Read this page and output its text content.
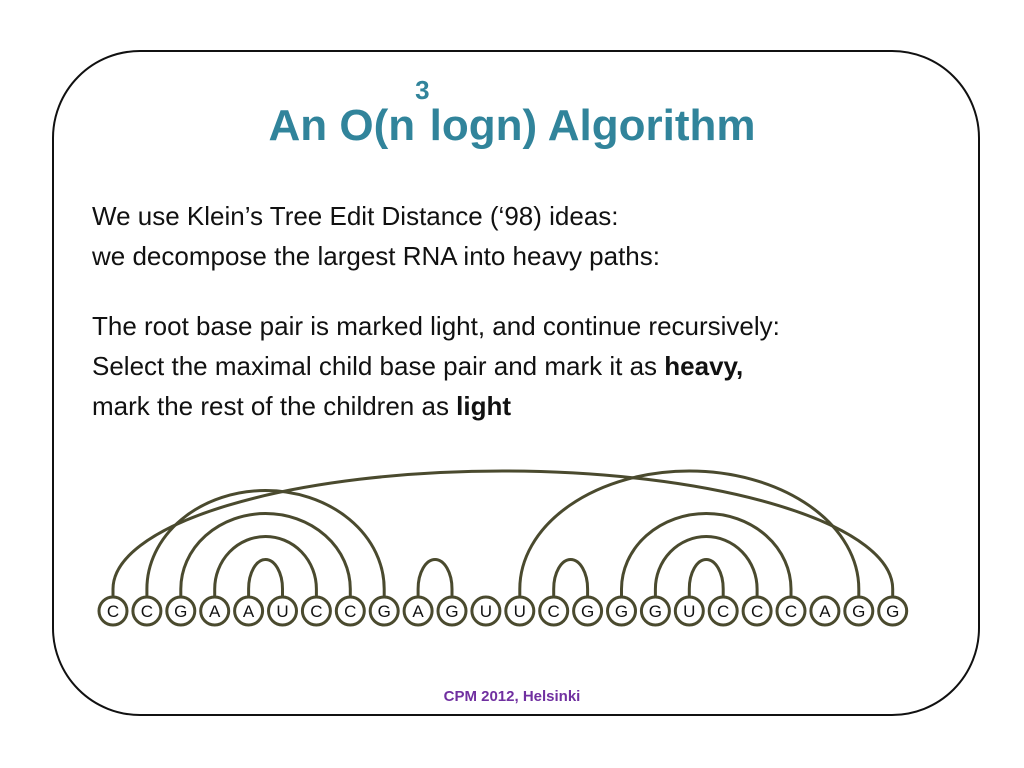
An $O(n^3\log n)$ Algorithm
We use Klein’s Tree Edit Distance (‘98) ideas:
we decompose the largest RNA into heavy paths:
The root base pair is marked light, and continue recursively:
Select the maximal child base pair and mark it as heavy,
mark the rest of the children as light
C C G A A U C C G A G U U C G G G U C C C A G G
CPM 2012, Helsinki
